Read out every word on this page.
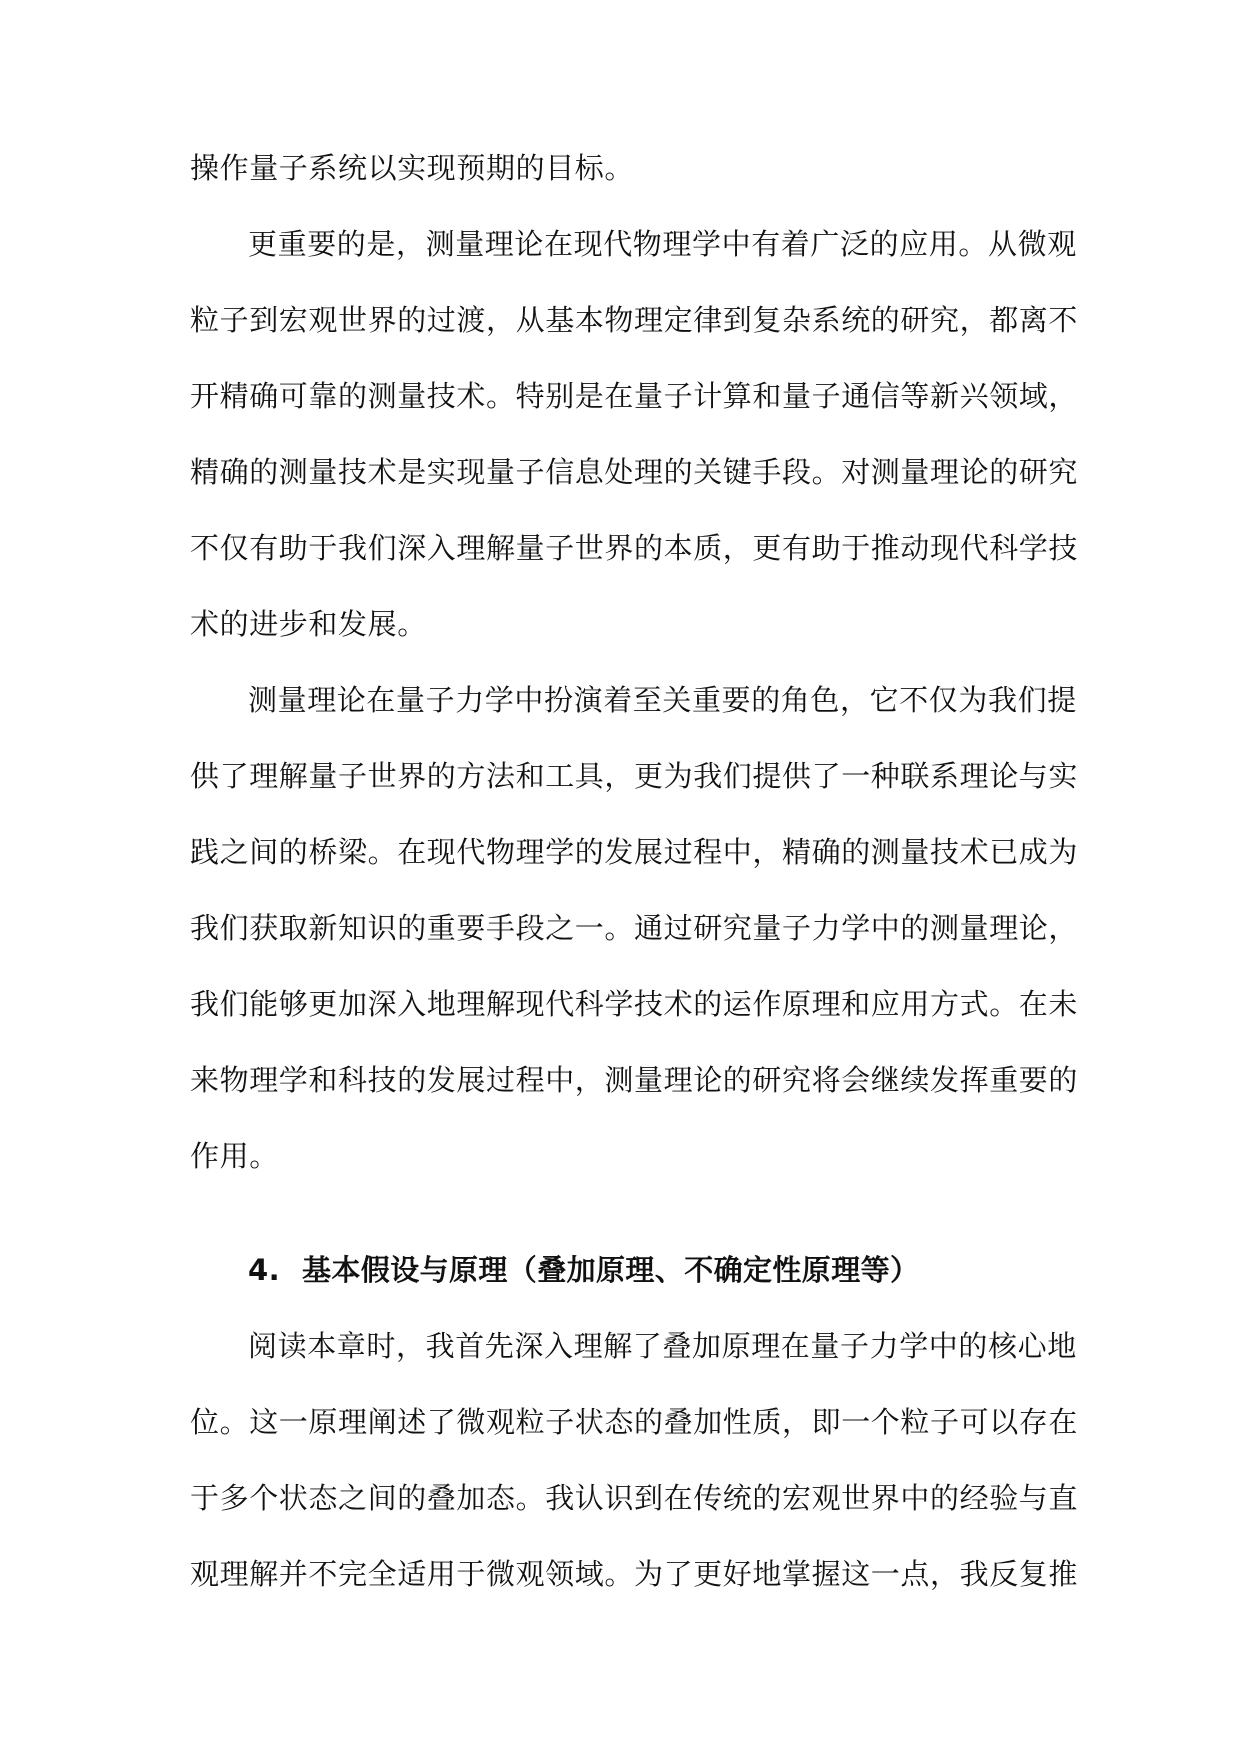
操作量子系统以实现预期的目标。
更重要的是，测量理论在现代物理学中有着广泛的应用。从微观
粒子到宏观世界的过渡，从基本物理定律到复杂系统的研究，都离不
开精确可靠的测量技术。特别是在量子计算和量子通信等新兴领域，
精确的测量技术是实现量子信息处理的关键手段。对测量理论的研究
不仅有助于我们深入理解量子世界的本质，更有助于推动现代科学技
术的进步和发展。
测量理论在量子力学中扮演着至关重要的角色，它不仅为我们提
供了理解量子世界的方法和工具，更为我们提供了一种联系理论与实
践之间的桥梁。在现代物理学的发展过程中，精确的测量技术已成为
我们获取新知识的重要手段之一。通过研究量子力学中的测量理论，
我们能够更加深入地理解现代科学技术的运作原理和应用方式。在未
来物理学和科技的发展过程中，测量理论的研究将会继续发挥重要的
作用。
4. 基本假设与原理（叠加原理、不确定性原理等）
阅读本章时，我首先深入理解了叠加原理在量子力学中的核心地
位。这一原理阐述了微观粒子状态的叠加性质，即一个粒子可以存在
于多个状态之间的叠加态。我认识到在传统的宏观世界中的经验与直
观理解并不完全适用于微观领域。为了更好地掌握这一点，我反复推
